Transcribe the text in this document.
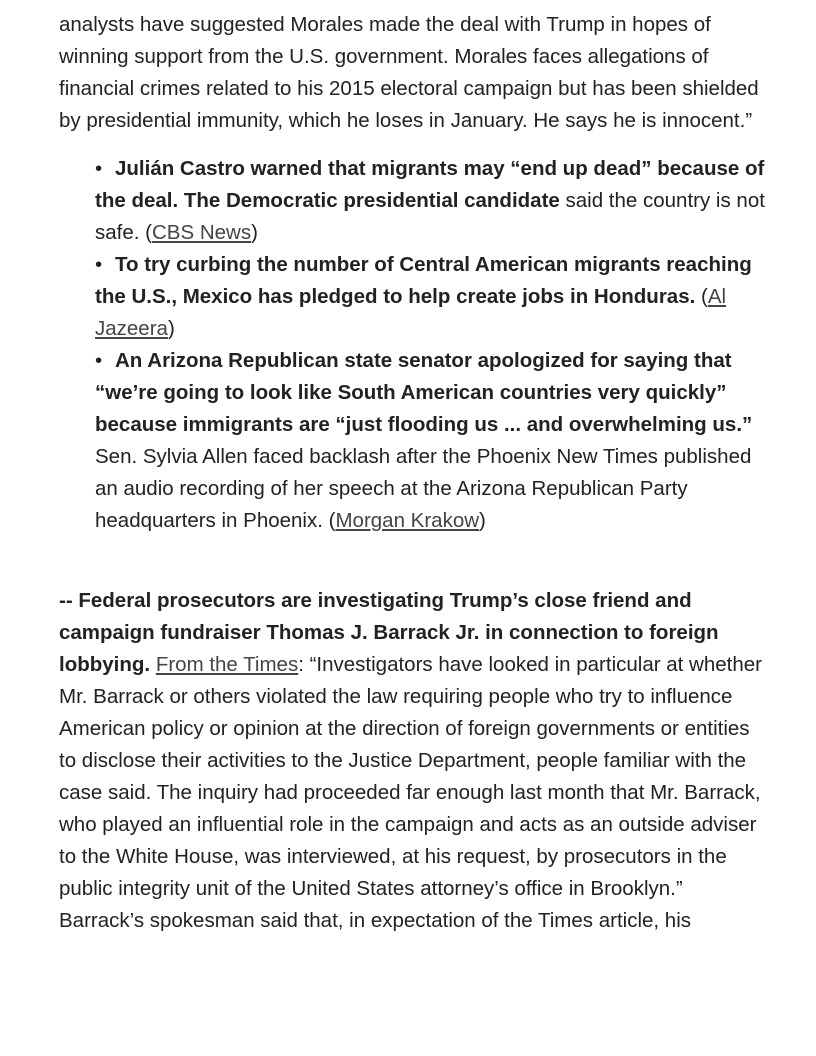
analysts have suggested Morales made the deal with Trump in hopes of winning support from the U.S. government. Morales faces allegations of financial crimes related to his 2015 electoral campaign but has been shielded by presidential immunity, which he loses in January. He says he is innocent.”

• Julián Castro warned that migrants may “end up dead” because of the deal. The Democratic presidential candidate said the country is not safe. (CBS News)
• To try curbing the number of Central American migrants reaching the U.S., Mexico has pledged to help create jobs in Honduras. (Al Jazeera)
• An Arizona Republican state senator apologized for saying that “we’re going to look like South American countries very quickly” because immigrants are “just flooding us ... and overwhelming us.” Sen. Sylvia Allen faced backlash after the Phoenix New Times published an audio recording of her speech at the Arizona Republican Party headquarters in Phoenix. (Morgan Krakow)

-- Federal prosecutors are investigating Trump’s close friend and campaign fundraiser Thomas J. Barrack Jr. in connection to foreign lobbying. From the Times: “Investigators have looked in particular at whether Mr. Barrack or others violated the law requiring people who try to influence American policy or opinion at the direction of foreign governments or entities to disclose their activities to the Justice Department, people familiar with the case said. The inquiry had proceeded far enough last month that Mr. Barrack, who played an influential role in the campaign and acts as an outside adviser to the White House, was interviewed, at his request, by prosecutors in the public integrity unit of the United States attorney’s office in Brooklyn.” Barrack’s spokesman said that, in expectation of the Times article, his
